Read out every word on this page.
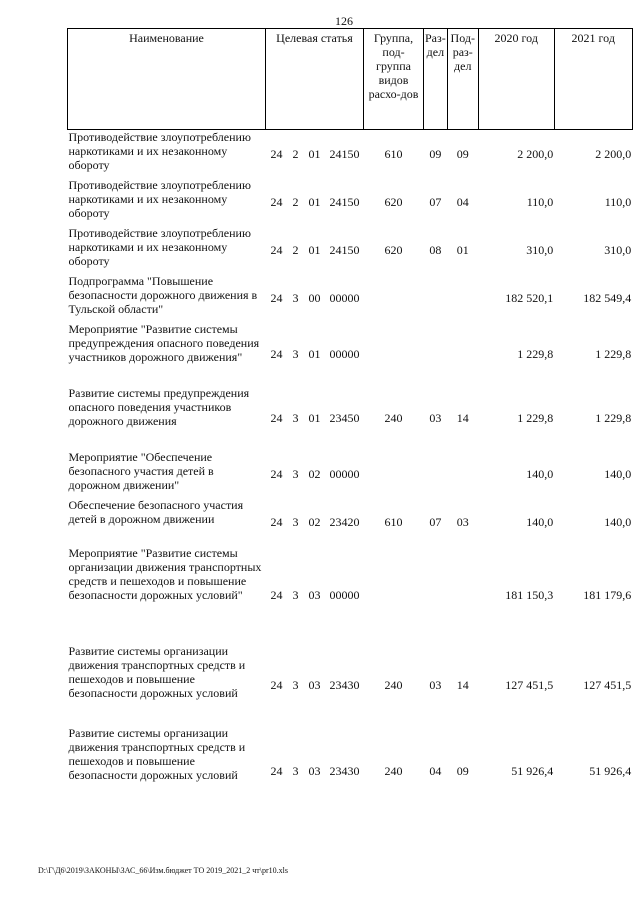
126
Наименование	Целевая статья				Группа, под-группа видов расхо-дов	Раз-дел	Под-раз-дел	2020 год	2021 год
Противодействие злоупотреблению наркотиками и их незаконному обороту	24	2	01	24150	610	09	09	2 200,0	2 200,0
Противодействие злоупотреблению наркотиками и их незаконному обороту	24	2	01	24150	620	07	04	110,0	110,0
Противодействие злоупотреблению наркотиками и их незаконному обороту	24	2	01	24150	620	08	01	310,0	310,0
Подпрограмма "Повышение безопасности дорожного движения в Тульской области"	24	3	00	00000				182 520,1	182 549,4
Мероприятие "Развитие системы предупреждения опасного поведения участников дорожного движения"	24	3	01	00000				1 229,8	1 229,8
Развитие системы предупреждения опасного поведения участников дорожного движения	24	3	01	23450	240	03	14	1 229,8	1 229,8
Мероприятие "Обеспечение безопасного участия детей в дорожном движении"	24	3	02	00000				140,0	140,0
Обеспечение безопасного участия детей в дорожном движении	24	3	02	23420	610	07	03	140,0	140,0
Мероприятие "Развитие системы организации движения транспортных средств и пешеходов и повышение безопасности дорожных условий"	24	3	03	00000				181 150,3	181 179,6
Развитие системы организации движения транспортных средств и пешеходов и повышение безопасности дорожных условий	24	3	03	23430	240	03	14	127 451,5	127 451,5
Развитие системы организации движения транспортных средств и пешеходов и повышение безопасности дорожных условий	24	3	03	23430	240	04	09	51 926,4	51 926,4
D:\Г\Д6\2019\ЗАКОНЫ\ЗАС_66\Изм.бюджет ТО 2019_2021_2 чт\pr10.xls
